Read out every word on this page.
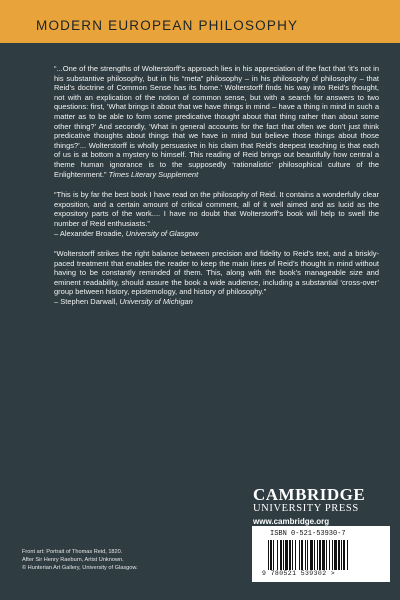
MODERN EUROPEAN PHILOSOPHY

“...One of the strengths of Wolterstorff’s approach lies in his appreciation of the fact that ‘it’s not in his substantive philosophy, but in his “meta” philosophy – in his philosophy of philosophy – that Reid’s doctrine of Common Sense has its home.’ Wolterstorff finds his way into Reid’s thought, not with an explication of the notion of common sense, but with a search for answers to two questions: first, ‘What brings it about that we have things in mind – have a thing in mind in such a matter as to be able to form some predicative thought about that thing rather than about some other thing?’ And secondly, ‘What in general accounts for the fact that often we don’t just think predicative thoughts about things that we have in mind but believe those things about those things?’... Wolterstorff is wholly persuasive in his claim that Reid’s deepest teaching is that each of us is at bottom a mystery to himself. This reading of Reid brings out beautifully how central a theme human ignorance is to the supposedly ‘rationalistic’ philosophical culture of the Enlightenment.” Times Literary Supplement

“This is by far the best book I have read on the philosophy of Reid. It contains a wonderfully clear exposition, and a certain amount of critical comment, all of it well aimed and as lucid as the expository parts of the work.... I have no doubt that Wolterstorff’s book will help to swell the number of Reid enthusiasts.”

– Alexander Broadie, University of Glasgow

“Wolterstorff strikes the right balance between precision and fidelity to Reid’s text, and a briskly-paced treatment that enables the reader to keep the main lines of Reid’s thought in mind without having to be constantly reminded of them. This, along with the book’s manageable size and eminent readability, should assure the book a wide audience, including a substantial ‘cross-over’ group between history, epistemology, and history of philosophy.”

– Stephen Darwall, University of Michigan

CAMBRIDGE
UNIVERSITY PRESS
www.cambridge.org
Front art: Portrait of Thomas Reid, 1820.
After Sir Henry Raeburn, Artist Unknown.
© Hunterian Art Gallery, University of Glasgow.
ISBN 0-521-53930-7
9 780521 539302 >
